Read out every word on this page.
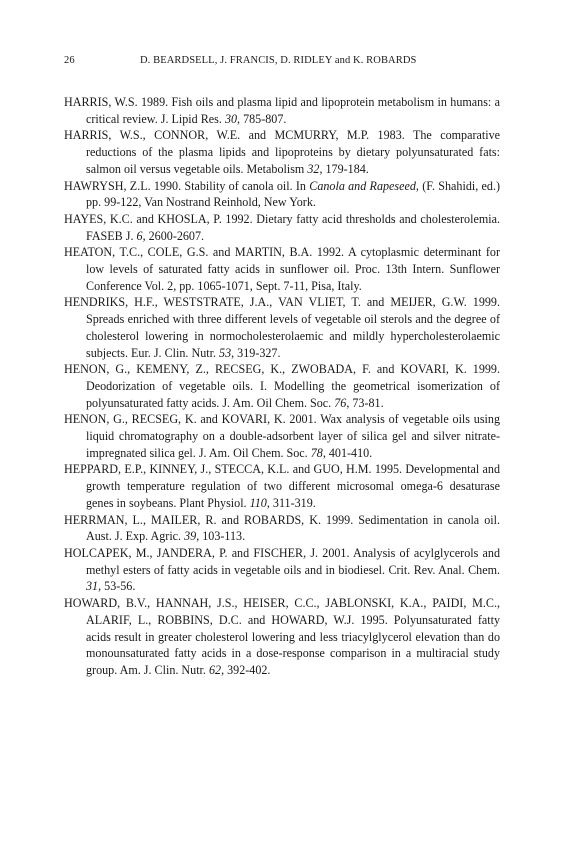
26	D. BEARDSELL, J. FRANCIS, D. RIDLEY and K. ROBARDS

HARRIS, W.S. 1989. Fish oils and plasma lipid and lipoprotein metabolism in humans: a critical review. J. Lipid Res. 30, 785-807.

HARRIS, W.S., CONNOR, W.E. and MCMURRY, M.P. 1983. The comparative reductions of the plasma lipids and lipoproteins by dietary polyunsaturated fats: salmon oil versus vegetable oils. Metabolism 32, 179-184.

HAWRYSH, Z.L. 1990. Stability of canola oil. In Canola and Rapeseed, (F. Shahidi, ed.) pp. 99-122, Van Nostrand Reinhold, New York.

HAYES, K.C. and KHOSLA, P. 1992. Dietary fatty acid thresholds and cholesterolemia. FASEB J. 6, 2600-2607.

HEATON, T.C., COLE, G.S. and MARTIN, B.A. 1992. A cytoplasmic determinant for low levels of saturated fatty acids in sunflower oil. Proc. 13th Intern. Sunflower Conference Vol. 2, pp. 1065-1071, Sept. 7-11, Pisa, Italy.

HENDRIKS, H.F., WESTSTRATE, J.A., VAN VLIET, T. and MEIJER, G.W. 1999. Spreads enriched with three different levels of vegetable oil sterols and the degree of cholesterol lowering in normocholesterolaemic and mildly hypercholesterolaemic subjects. Eur. J. Clin. Nutr. 53, 319-327.

HENON, G., KEMENY, Z., RECSEG, K., ZWOBADA, F. and KOVARI, K. 1999. Deodorization of vegetable oils. I. Modelling the geometrical isomerization of polyunsaturated fatty acids. J. Am. Oil Chem. Soc. 76, 73-81.

HENON, G., RECSEG, K. and KOVARI, K. 2001. Wax analysis of vegetable oils using liquid chromatography on a double-adsorbent layer of silica gel and silver nitrate-impregnated silica gel. J. Am. Oil Chem. Soc. 78, 401-410.

HEPPARD, E.P., KINNEY, J., STECCA, K.L. and GUO, H.M. 1995. Developmental and growth temperature regulation of two different microsomal omega-6 desaturase genes in soybeans. Plant Physiol. 110, 311-319.

HERRMAN, L., MAILER, R. and ROBARDS, K. 1999. Sedimentation in canola oil. Aust. J. Exp. Agric. 39, 103-113.

HOLCAPEK, M., JANDERA, P. and FISCHER, J. 2001. Analysis of acylglycerols and methyl esters of fatty acids in vegetable oils and in biodiesel. Crit. Rev. Anal. Chem. 31, 53-56.

HOWARD, B.V., HANNAH, J.S., HEISER, C.C., JABLONSKI, K.A., PAIDI, M.C., ALARIF, L., ROBBINS, D.C. and HOWARD, W.J. 1995. Polyunsaturated fatty acids result in greater cholesterol lowering and less triacylglycerol elevation than do monounsaturated fatty acids in a dose-response comparison in a multiracial study group. Am. J. Clin. Nutr. 62, 392-402.
